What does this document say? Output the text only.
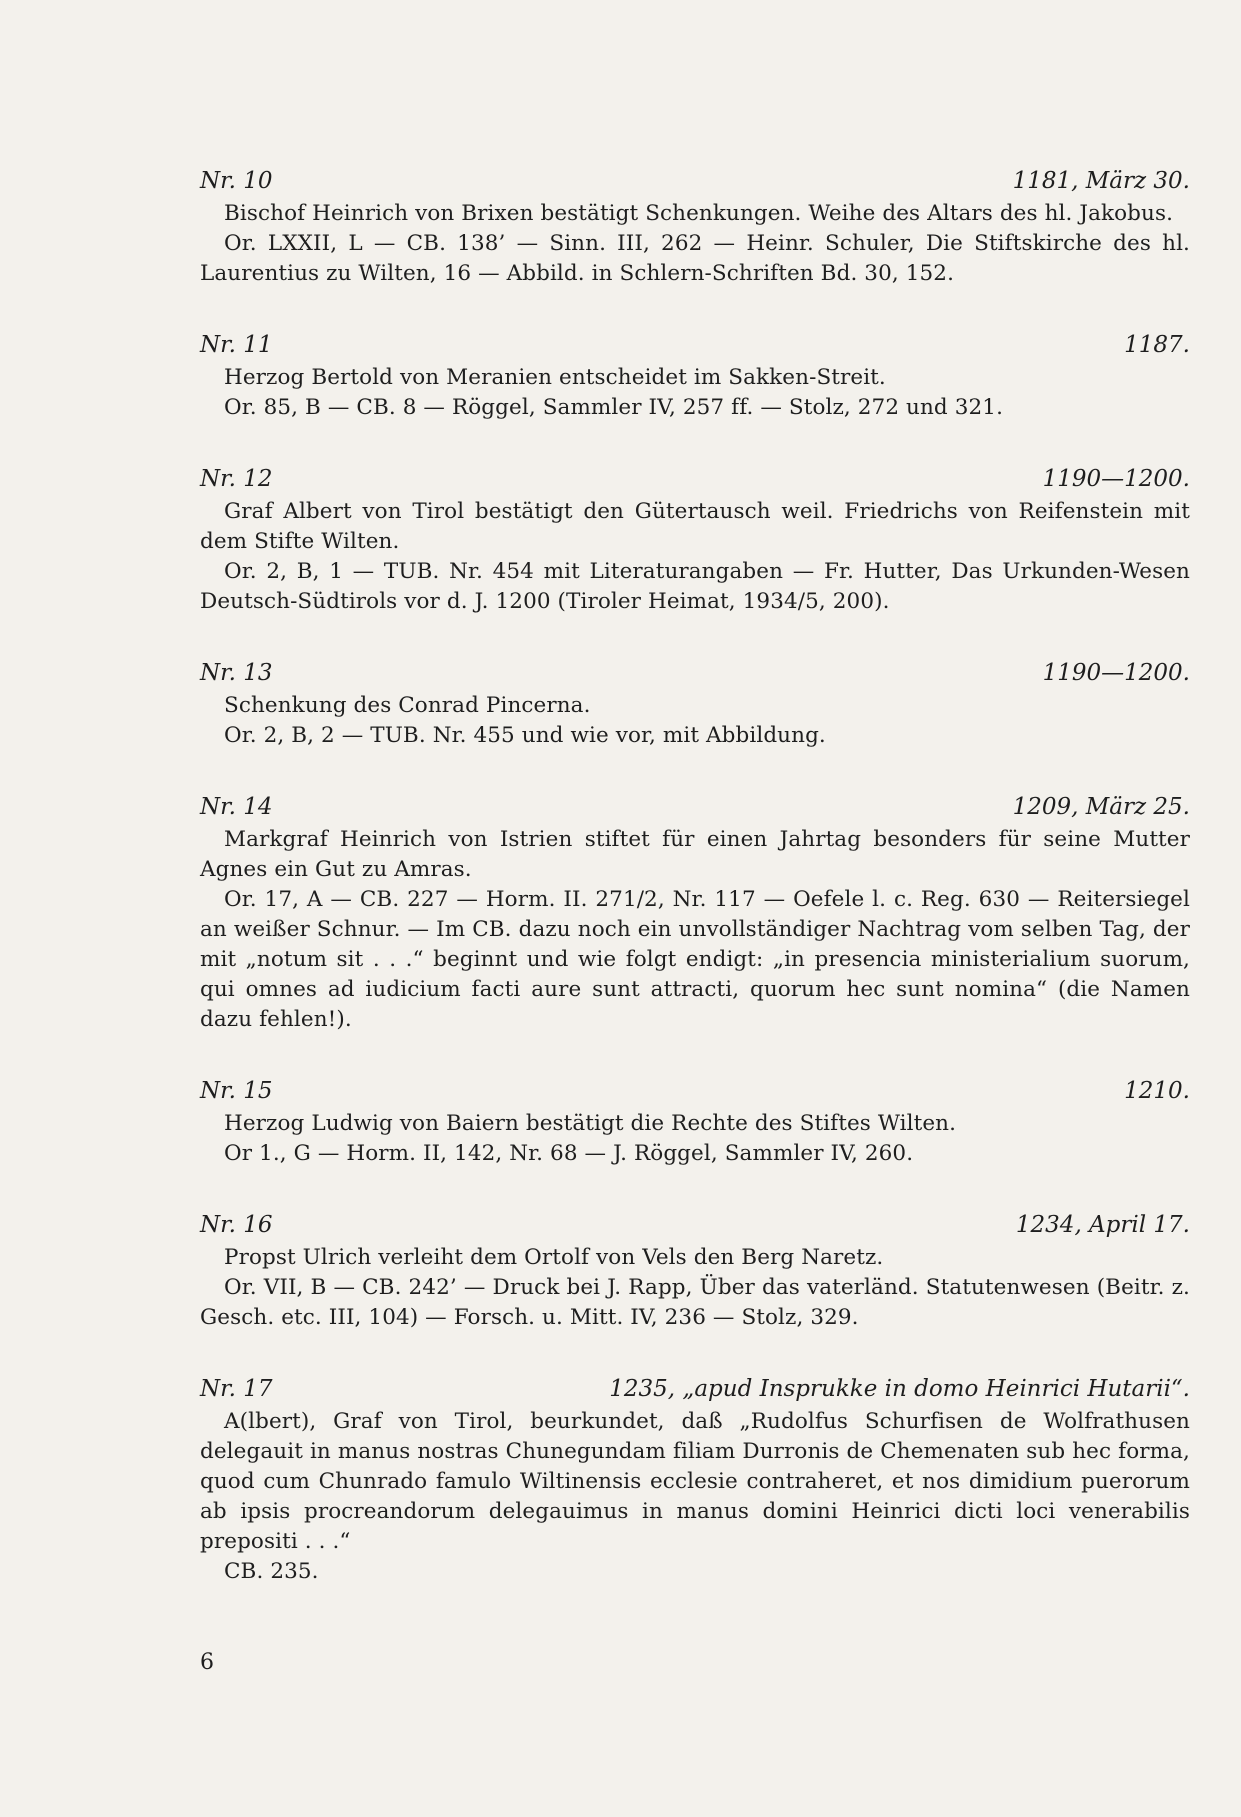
Nr. 10	1181, März 30.

Bischof Heinrich von Brixen bestätigt Schenkungen. Weihe des Altars des hl. Jakobus.

Or. LXXII, L — CB. 138’ — Sinn. III, 262 — Heinr. Schuler, Die Stiftskirche des hl. Laurentius zu Wilten, 16 — Abbild. in Schlern-Schriften Bd. 30, 152.

Nr. 11	1187.

Herzog Bertold von Meranien entscheidet im Sakken-Streit.

Or. 85, B — CB. 8 — Röggel, Sammler IV, 257 ff. — Stolz, 272 und 321.

Nr. 12	1190—1200.

Graf Albert von Tirol bestätigt den Gütertausch weil. Friedrichs von Reifenstein mit dem Stifte Wilten.

Or. 2, B, 1 — TUB. Nr. 454 mit Literaturangaben — Fr. Hutter, Das Urkunden-Wesen Deutsch-Südtirols vor d. J. 1200 (Tiroler Heimat, 1934/5, 200).

Nr. 13	1190—1200.

Schenkung des Conrad Pincerna.

Or. 2, B, 2 — TUB. Nr. 455 und wie vor, mit Abbildung.

Nr. 14	1209, März 25.

Markgraf Heinrich von Istrien stiftet für einen Jahrtag besonders für seine Mutter Agnes ein Gut zu Amras.

Or. 17, A — CB. 227 — Horm. II. 271/2, Nr. 117 — Oefele l. c. Reg. 630 — Reitersiegel an weißer Schnur. — Im CB. dazu noch ein unvollständiger Nachtrag vom selben Tag, der mit „notum sit . . .“ beginnt und wie folgt endigt: „in presencia ministerialium suorum, qui omnes ad iudicium facti aure sunt attracti, quorum hec sunt nomina“ (die Namen dazu fehlen!).

Nr. 15	1210.

Herzog Ludwig von Baiern bestätigt die Rechte des Stiftes Wilten.

Or 1., G — Horm. II, 142, Nr. 68 — J. Röggel, Sammler IV, 260.

Nr. 16	1234, April 17.

Propst Ulrich verleiht dem Ortolf von Vels den Berg Naretz.

Or. VII, B — CB. 242’ — Druck bei J. Rapp, Über das vaterländ. Statutenwesen (Beitr. z. Gesch. etc. III, 104) — Forsch. u. Mitt. IV, 236 — Stolz, 329.

Nr. 17	1235, „apud Insprukke in domo Heinrici Hutarii“.

A(lbert), Graf von Tirol, beurkundet, daß „Rudolfus Schurfisen de Wolfrathusen delegauit in manus nostras Chunegundam filiam Durronis de Chemenaten sub hec forma, quod cum Chunrado famulo Wiltinensis ecclesie contraheret, et nos dimidium puerorum ab ipsis procreandorum delegauimus in manus domini Heinrici dicti loci venerabilis prepositi . . .“

CB. 235.

6
